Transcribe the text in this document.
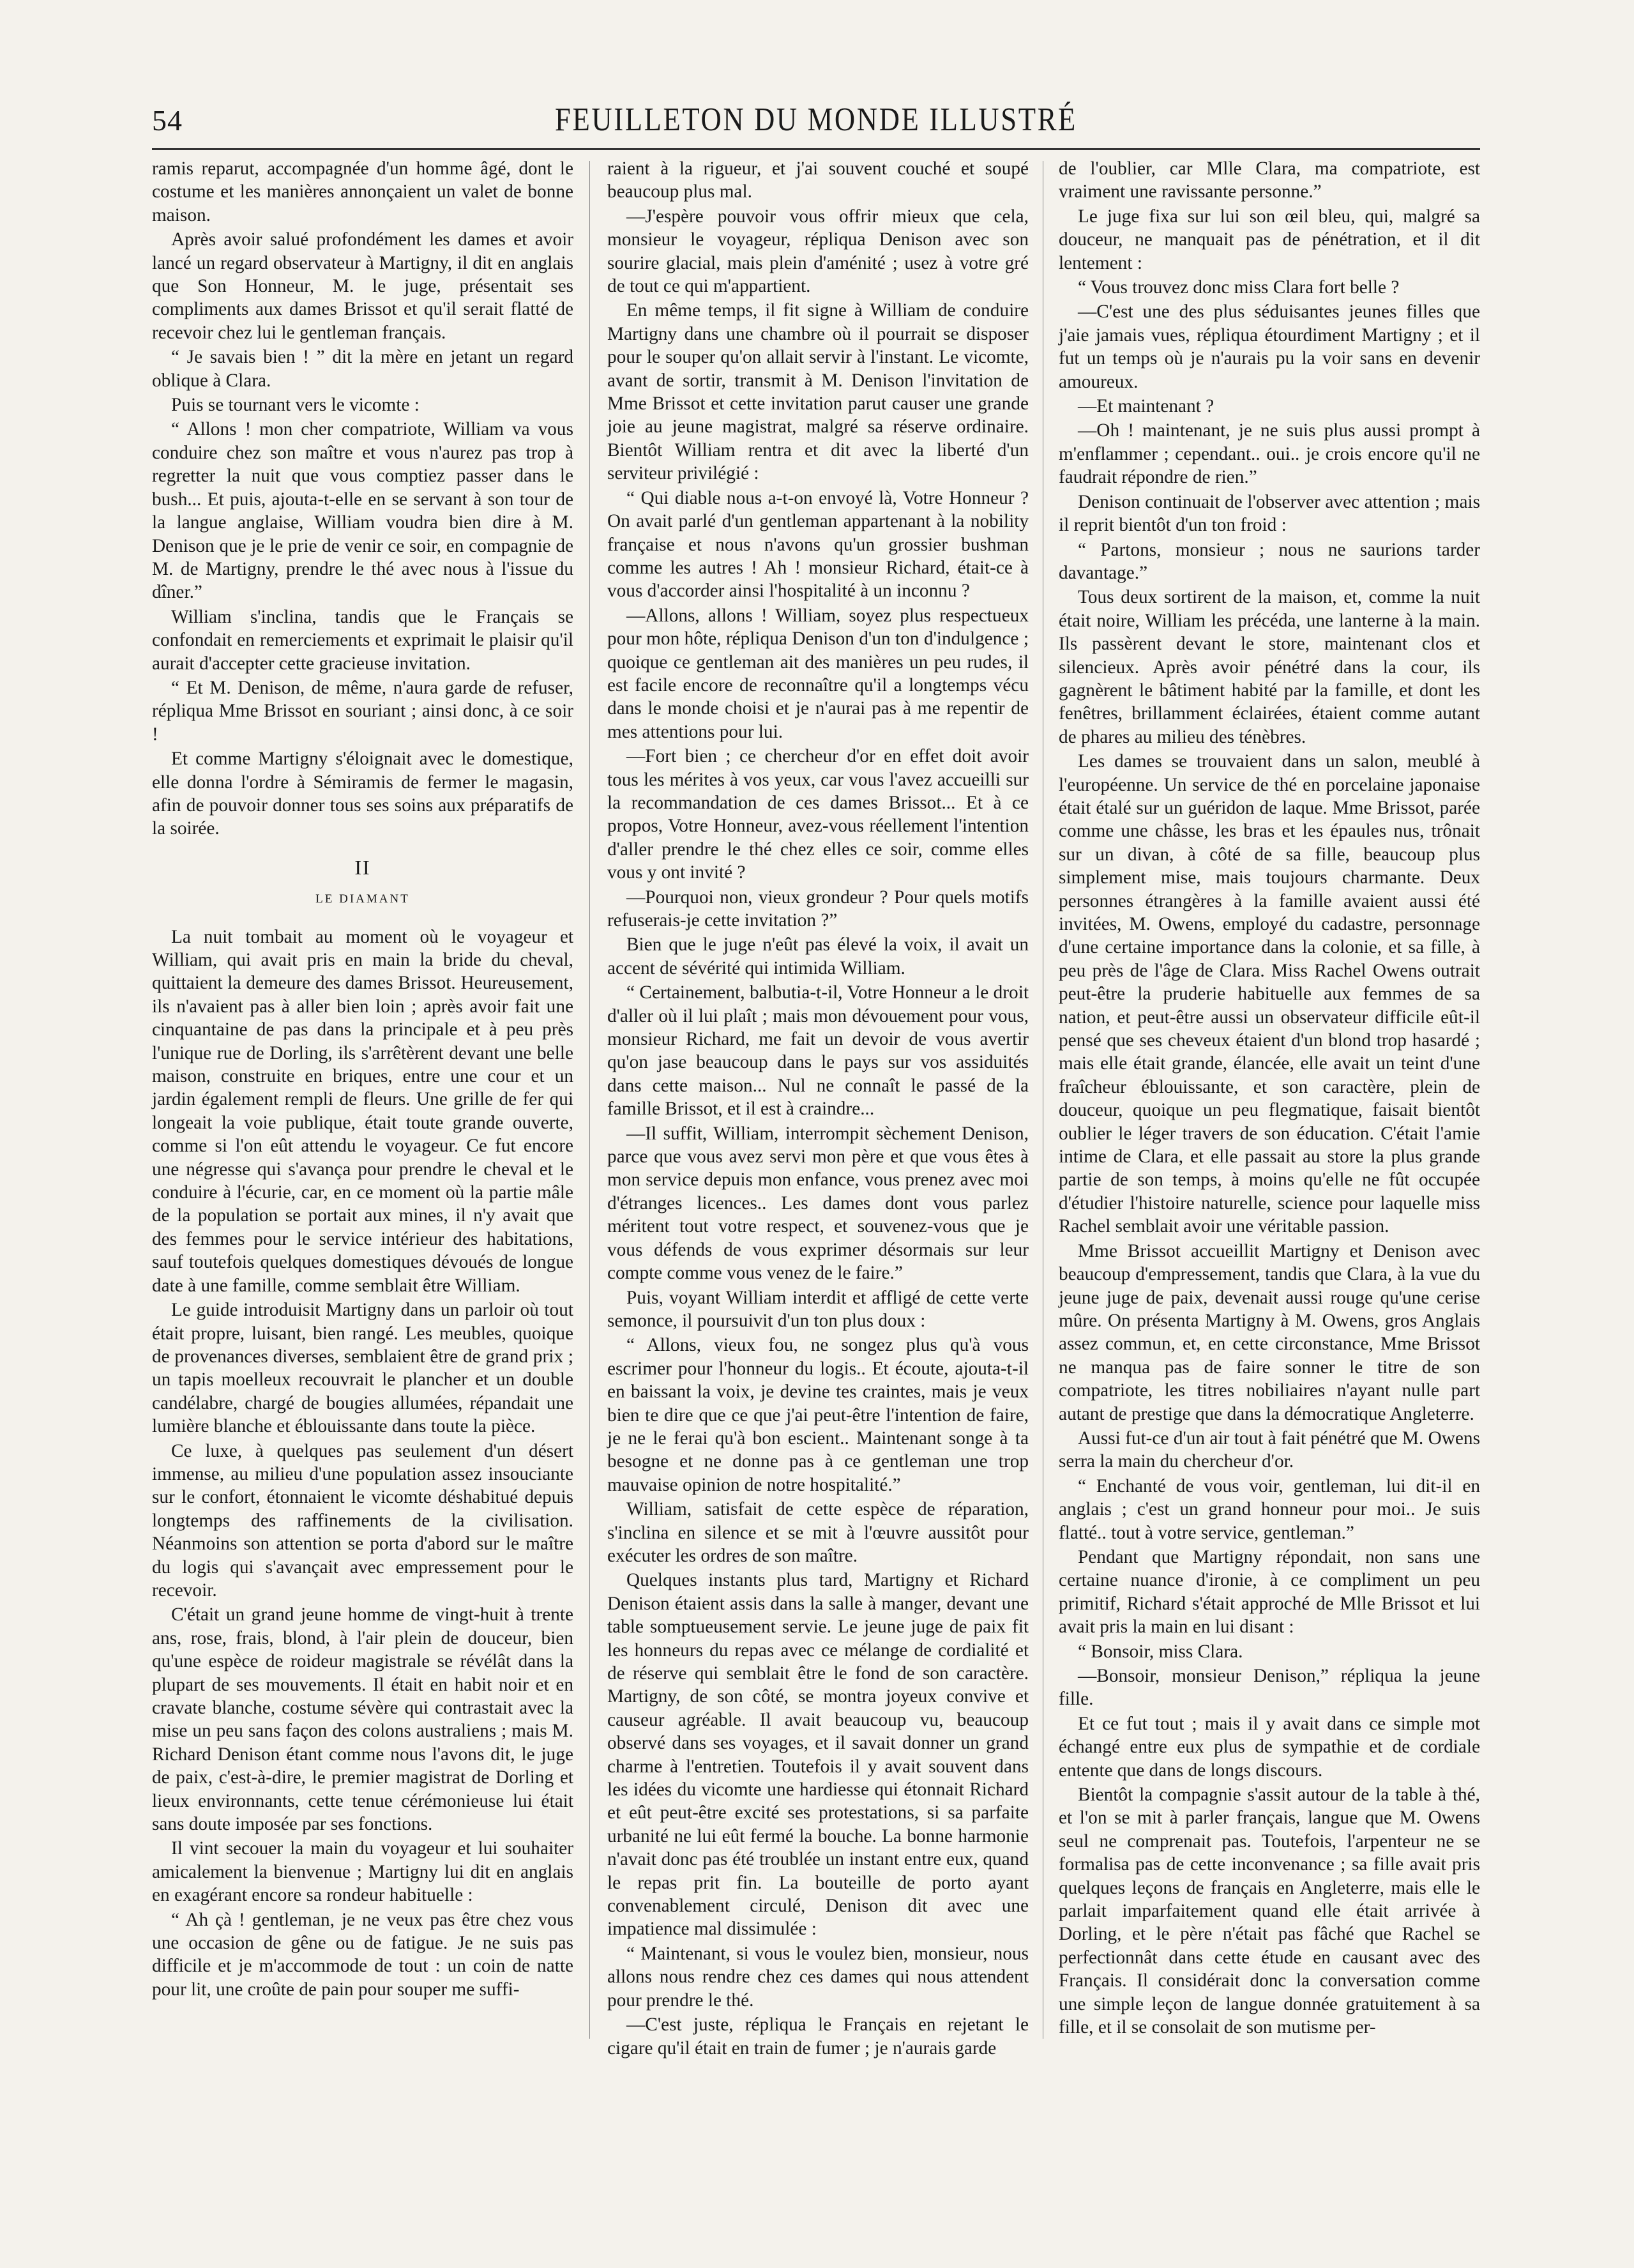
54	FEUILLETON DU MONDE ILLUSTRÉ

ramis reparut, accompagnée d'un homme âgé, dont le costume et les manières annonçaient un valet de bonne maison.

Après avoir salué profondément les dames et avoir lancé un regard observateur à Martigny, il dit en anglais que Son Honneur, M. le juge, présentait ses compliments aux dames Brissot et qu'il serait flatté de recevoir chez lui le gentleman français.

“ Je savais bien ! ” dit la mère en jetant un regard oblique à Clara.

Puis se tournant vers le vicomte :

“ Allons ! mon cher compatriote, William va vous conduire chez son maître et vous n'aurez pas trop à regretter la nuit que vous comptiez passer dans le bush... Et puis, ajouta-t-elle en se servant à son tour de la langue anglaise, William voudra bien dire à M. Denison que je le prie de venir ce soir, en compagnie de M. de Martigny, prendre le thé avec nous à l'issue du dîner.”

William s'inclina, tandis que le Français se confondait en remerciements et exprimait le plaisir qu'il aurait d'accepter cette gracieuse invitation.

“ Et M. Denison, de même, n'aura garde de refuser, répliqua Mme Brissot en souriant ; ainsi donc, à ce soir !

Et comme Martigny s'éloignait avec le domestique, elle donna l'ordre à Sémiramis de fermer le magasin, afin de pouvoir donner tous ses soins aux préparatifs de la soirée.

II
LE DIAMANT

La nuit tombait au moment où le voyageur et William, qui avait pris en main la bride du cheval, quittaient la demeure des dames Brissot. Heureusement, ils n'avaient pas à aller bien loin ; après avoir fait une cinquantaine de pas dans la principale et à peu près l'unique rue de Dorling, ils s'arrêtèrent devant une belle maison, construite en briques, entre une cour et un jardin également rempli de fleurs. Une grille de fer qui longeait la voie publique, était toute grande ouverte, comme si l'on eût attendu le voyageur. Ce fut encore une négresse qui s'avança pour prendre le cheval et le conduire à l'écurie, car, en ce moment où la partie mâle de la population se portait aux mines, il n'y avait que des femmes pour le service intérieur des habitations, sauf toutefois quelques domestiques dévoués de longue date à une famille, comme semblait être William.

Le guide introduisit Martigny dans un parloir où tout était propre, luisant, bien rangé. Les meubles, quoique de provenances diverses, semblaient être de grand prix ; un tapis moelleux recouvrait le plancher et un double candélabre, chargé de bougies allumées, répandait une lumière blanche et éblouissante dans toute la pièce.

Ce luxe, à quelques pas seulement d'un désert immense, au milieu d'une population assez insouciante sur le confort, étonnaient le vicomte déshabitué depuis longtemps des raffinements de la civilisation. Néanmoins son attention se porta d'abord sur le maître du logis qui s'avançait avec empressement pour le recevoir.

C'était un grand jeune homme de vingt-huit à trente ans, rose, frais, blond, à l'air plein de douceur, bien qu'une espèce de roideur magistrale se révélât dans la plupart de ses mouvements. Il était en habit noir et en cravate blanche, costume sévère qui contrastait avec la mise un peu sans façon des colons australiens ; mais M. Richard Denison étant comme nous l'avons dit, le juge de paix, c'est-à-dire, le premier magistrat de Dorling et lieux environnants, cette tenue cérémonieuse lui était sans doute imposée par ses fonctions.

Il vint secouer la main du voyageur et lui souhaiter amicalement la bienvenue ; Martigny lui dit en anglais en exagérant encore sa rondeur habituelle :

“ Ah çà ! gentleman, je ne veux pas être chez vous une occasion de gêne ou de fatigue. Je ne suis pas difficile et je m'accommode de tout : un coin de natte pour lit, une croûte de pain pour souper me suffi-

raient à la rigueur, et j'ai souvent couché et soupé beaucoup plus mal.

—J'espère pouvoir vous offrir mieux que cela, monsieur le voyageur, répliqua Denison avec son sourire glacial, mais plein d'aménité ; usez à votre gré de tout ce qui m'appartient.

En même temps, il fit signe à William de conduire Martigny dans une chambre où il pourrait se disposer pour le souper qu'on allait servir à l'instant. Le vicomte, avant de sortir, transmit à M. Denison l'invitation de Mme Brissot et cette invitation parut causer une grande joie au jeune magistrat, malgré sa réserve ordinaire. Bientôt William rentra et dit avec la liberté d'un serviteur privilégié :

“ Qui diable nous a-t-on envoyé là, Votre Honneur ? On avait parlé d'un gentleman appartenant à la nobility française et nous n'avons qu'un grossier bushman comme les autres ! Ah ! monsieur Richard, était-ce à vous d'accorder ainsi l'hospitalité à un inconnu ?

—Allons, allons ! William, soyez plus respectueux pour mon hôte, répliqua Denison d'un ton d'indulgence ; quoique ce gentleman ait des manières un peu rudes, il est facile encore de reconnaître qu'il a longtemps vécu dans le monde choisi et je n'aurai pas à me repentir de mes attentions pour lui.

—Fort bien ; ce chercheur d'or en effet doit avoir tous les mérites à vos yeux, car vous l'avez accueilli sur la recommandation de ces dames Brissot... Et à ce propos, Votre Honneur, avez-vous réellement l'intention d'aller prendre le thé chez elles ce soir, comme elles vous y ont invité ?

—Pourquoi non, vieux grondeur ? Pour quels motifs refuserais-je cette invitation ?”

Bien que le juge n'eût pas élevé la voix, il avait un accent de sévérité qui intimida William.

“ Certainement, balbutia-t-il, Votre Honneur a le droit d'aller où il lui plaît ; mais mon dévouement pour vous, monsieur Richard, me fait un devoir de vous avertir qu'on jase beaucoup dans le pays sur vos assiduités dans cette maison... Nul ne connaît le passé de la famille Brissot, et il est à craindre...

—Il suffit, William, interrompit sèchement Denison, parce que vous avez servi mon père et que vous êtes à mon service depuis mon enfance, vous prenez avec moi d'étranges licences.. Les dames dont vous parlez méritent tout votre respect, et souvenez-vous que je vous défends de vous exprimer désormais sur leur compte comme vous venez de le faire.”

Puis, voyant William interdit et affligé de cette verte semonce, il poursuivit d'un ton plus doux :

“ Allons, vieux fou, ne songez plus qu'à vous escrimer pour l'honneur du logis.. Et écoute, ajouta-t-il en baissant la voix, je devine tes craintes, mais je veux bien te dire que ce que j'ai peut-être l'intention de faire, je ne le ferai qu'à bon escient.. Maintenant songe à ta besogne et ne donne pas à ce gentleman une trop mauvaise opinion de notre hospitalité.”

William, satisfait de cette espèce de réparation, s'inclina en silence et se mit à l'œuvre aussitôt pour exécuter les ordres de son maître.

Quelques instants plus tard, Martigny et Richard Denison étaient assis dans la salle à manger, devant une table somptueusement servie. Le jeune juge de paix fit les honneurs du repas avec ce mélange de cordialité et de réserve qui semblait être le fond de son caractère. Martigny, de son côté, se montra joyeux convive et causeur agréable. Il avait beaucoup vu, beaucoup observé dans ses voyages, et il savait donner un grand charme à l'entretien. Toutefois il y avait souvent dans les idées du vicomte une hardiesse qui étonnait Richard et eût peut-être excité ses protestations, si sa parfaite urbanité ne lui eût fermé la bouche. La bonne harmonie n'avait donc pas été troublée un instant entre eux, quand le repas prit fin. La bouteille de porto ayant convenablement circulé, Denison dit avec une impatience mal dissimulée :

“ Maintenant, si vous le voulez bien, monsieur, nous allons nous rendre chez ces dames qui nous attendent pour prendre le thé.

—C'est juste, répliqua le Français en rejetant le cigare qu'il était en train de fumer ; je n'aurais garde

de l'oublier, car Mlle Clara, ma compatriote, est vraiment une ravissante personne.”

Le juge fixa sur lui son œil bleu, qui, malgré sa douceur, ne manquait pas de pénétration, et il dit lentement :

“ Vous trouvez donc miss Clara fort belle ?

—C'est une des plus séduisantes jeunes filles que j'aie jamais vues, répliqua étourdiment Martigny ; et il fut un temps où je n'aurais pu la voir sans en devenir amoureux.

—Et maintenant ?

—Oh ! maintenant, je ne suis plus aussi prompt à m'enflammer ; cependant.. oui.. je crois encore qu'il ne faudrait répondre de rien.”

Denison continuait de l'observer avec attention ; mais il reprit bientôt d'un ton froid :

“ Partons, monsieur ; nous ne saurions tarder davantage.”

Tous deux sortirent de la maison, et, comme la nuit était noire, William les précéda, une lanterne à la main. Ils passèrent devant le store, maintenant clos et silencieux. Après avoir pénétré dans la cour, ils gagnèrent le bâtiment habité par la famille, et dont les fenêtres, brillamment éclairées, étaient comme autant de phares au milieu des ténèbres.

Les dames se trouvaient dans un salon, meublé à l'européenne. Un service de thé en porcelaine japonaise était étalé sur un guéridon de laque. Mme Brissot, parée comme une châsse, les bras et les épaules nus, trônait sur un divan, à côté de sa fille, beaucoup plus simplement mise, mais toujours charmante. Deux personnes étrangères à la famille avaient aussi été invitées, M. Owens, employé du cadastre, personnage d'une certaine importance dans la colonie, et sa fille, à peu près de l'âge de Clara. Miss Rachel Owens outrait peut-être la pruderie habituelle aux femmes de sa nation, et peut-être aussi un observateur difficile eût-il pensé que ses cheveux étaient d'un blond trop hasardé ; mais elle était grande, élancée, elle avait un teint d'une fraîcheur éblouissante, et son caractère, plein de douceur, quoique un peu flegmatique, faisait bientôt oublier le léger travers de son éducation. C'était l'amie intime de Clara, et elle passait au store la plus grande partie de son temps, à moins qu'elle ne fût occupée d'étudier l'histoire naturelle, science pour laquelle miss Rachel semblait avoir une véritable passion.

Mme Brissot accueillit Martigny et Denison avec beaucoup d'empressement, tandis que Clara, à la vue du jeune juge de paix, devenait aussi rouge qu'une cerise mûre. On présenta Martigny à M. Owens, gros Anglais assez commun, et, en cette circonstance, Mme Brissot ne manqua pas de faire sonner le titre de son compatriote, les titres nobiliaires n'ayant nulle part autant de prestige que dans la démocratique Angleterre.

Aussi fut-ce d'un air tout à fait pénétré que M. Owens serra la main du chercheur d'or.

“ Enchanté de vous voir, gentleman, lui dit-il en anglais ; c'est un grand honneur pour moi.. Je suis flatté.. tout à votre service, gentleman.”

Pendant que Martigny répondait, non sans une certaine nuance d'ironie, à ce compliment un peu primitif, Richard s'était approché de Mlle Brissot et lui avait pris la main en lui disant :

“ Bonsoir, miss Clara.

—Bonsoir, monsieur Denison,” répliqua la jeune fille.

Et ce fut tout ; mais il y avait dans ce simple mot échangé entre eux plus de sympathie et de cordiale entente que dans de longs discours.

Bientôt la compagnie s'assit autour de la table à thé, et l'on se mit à parler français, langue que M. Owens seul ne comprenait pas. Toutefois, l'arpenteur ne se formalisa pas de cette inconvenance ; sa fille avait pris quelques leçons de français en Angleterre, mais elle le parlait imparfaitement quand elle était arrivée à Dorling, et le père n'était pas fâché que Rachel se perfectionnât dans cette étude en causant avec des Français. Il considérait donc la conversation comme une simple leçon de langue donnée gratuitement à sa fille, et il se consolait de son mutisme per-
